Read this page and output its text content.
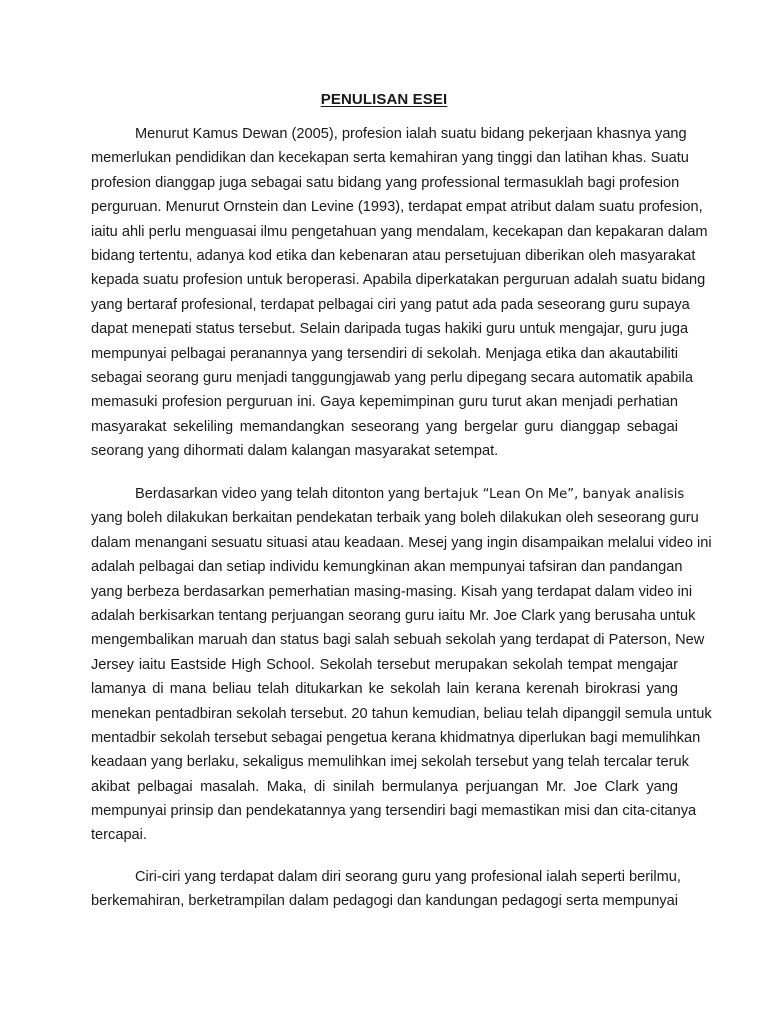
PENULISAN ESEI
Menurut Kamus Dewan (2005), profesion ialah suatu bidang pekerjaan khasnya yang
memerlukan pendidikan dan kecekapan serta kemahiran yang tinggi dan latihan khas. Suatu
profesion dianggap juga sebagai satu bidang yang professional termasuklah bagi profesion
perguruan. Menurut Ornstein dan Levine (1993), terdapat empat atribut dalam suatu profesion,
iaitu ahli perlu menguasai ilmu pengetahuan yang mendalam, kecekapan dan kepakaran dalam
bidang tertentu, adanya kod etika dan kebenaran atau persetujuan diberikan oleh masyarakat
kepada suatu profesion untuk beroperasi. Apabila diperkatakan perguruan adalah suatu bidang
yang bertaraf profesional, terdapat pelbagai ciri yang patut ada pada seseorang guru supaya
dapat menepati status tersebut. Selain daripada tugas hakiki guru untuk mengajar, guru juga
mempunyai pelbagai peranannya yang tersendiri di sekolah. Menjaga etika dan akautabiliti
sebagai seorang guru menjadi tanggungjawab yang perlu dipegang secara automatik apabila
memasuki profesion perguruan ini. Gaya kepemimpinan guru turut akan menjadi perhatian
masyarakat sekeliling memandangkan seseorang yang bergelar guru dianggap sebagai
seorang yang dihormati dalam kalangan masyarakat setempat.
Berdasarkan video yang telah ditonton yang bertajuk “Lean On Me”, banyak analisis
yang boleh dilakukan berkaitan pendekatan terbaik yang boleh dilakukan oleh seseorang guru
dalam menangani sesuatu situasi atau keadaan. Mesej yang ingin disampaikan melalui video ini
adalah pelbagai dan setiap individu kemungkinan akan mempunyai tafsiran dan pandangan
yang berbeza berdasarkan pemerhatian masing-masing. Kisah yang terdapat dalam video ini
adalah berkisarkan tentang perjuangan seorang guru iaitu Mr. Joe Clark yang berusaha untuk
mengembalikan maruah dan status bagi salah sebuah sekolah yang terdapat di Paterson, New
Jersey iaitu Eastside High School. Sekolah tersebut merupakan sekolah tempat mengajar
lamanya di mana beliau telah ditukarkan ke sekolah lain kerana kerenah birokrasi yang
menekan pentadbiran sekolah tersebut. 20 tahun kemudian, beliau telah dipanggil semula untuk
mentadbir sekolah tersebut sebagai pengetua kerana khidmatnya diperlukan bagi memulihkan
keadaan yang berlaku, sekaligus memulihkan imej sekolah tersebut yang telah tercalar teruk
akibat pelbagai masalah. Maka, di sinilah bermulanya perjuangan Mr. Joe Clark yang
mempunyai prinsip dan pendekatannya yang tersendiri bagi memastikan misi dan cita-citanya
tercapai.
Ciri-ciri yang terdapat dalam diri seorang guru yang profesional ialah seperti berilmu,
berkemahiran, berketrampilan dalam pedagogi dan kandungan pedagogi serta mempunyai
